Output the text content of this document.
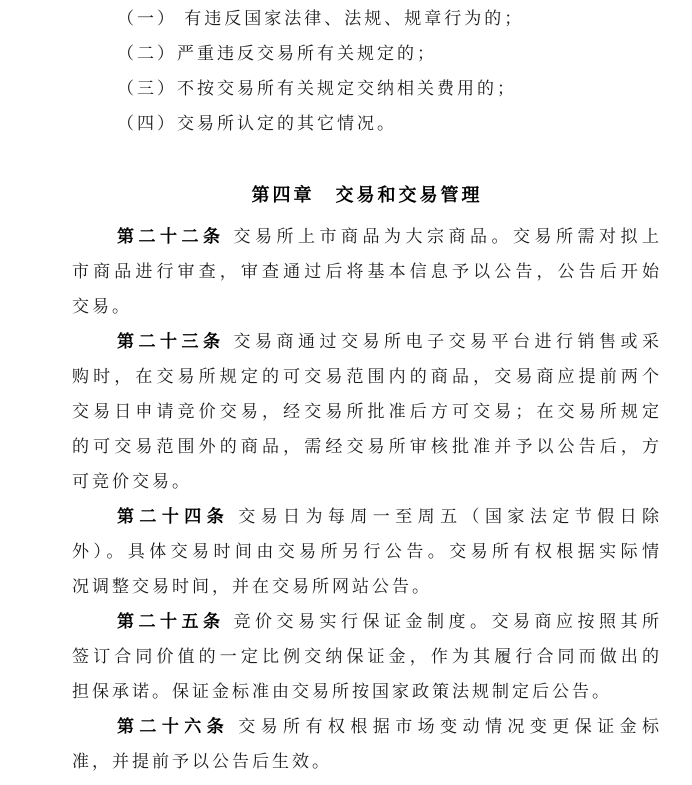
（一） 有违反国家法律、法规、规章行为的；
（二）严重违反交易所有关规定的；
（三）不按交易所有关规定交纳相关费用的；
（四）交易所认定的其它情况。
第四章　交易和交易管理
第二十二条 交易所上市商品为大宗商品。交易所需对拟上
市商品进行审查，审查通过后将基本信息予以公告，公告后开始
交易。
第二十三条 交易商通过交易所电子交易平台进行销售或采
购时，在交易所规定的可交易范围内的商品，交易商应提前两个
交易日申请竞价交易，经交易所批准后方可交易；在交易所规定
的可交易范围外的商品，需经交易所审核批准并予以公告后，方
可竞价交易。
第二十四条 交易日为每周一至周五（国家法定节假日除
外）。具体交易时间由交易所另行公告。交易所有权根据实际情
况调整交易时间，并在交易所网站公告。
第二十五条 竞价交易实行保证金制度。交易商应按照其所
签订合同价值的一定比例交纳保证金，作为其履行合同而做出的
担保承诺。保证金标准由交易所按国家政策法规制定后公告。
第二十六条 交易所有权根据市场变动情况变更保证金标
准，并提前予以公告后生效。
